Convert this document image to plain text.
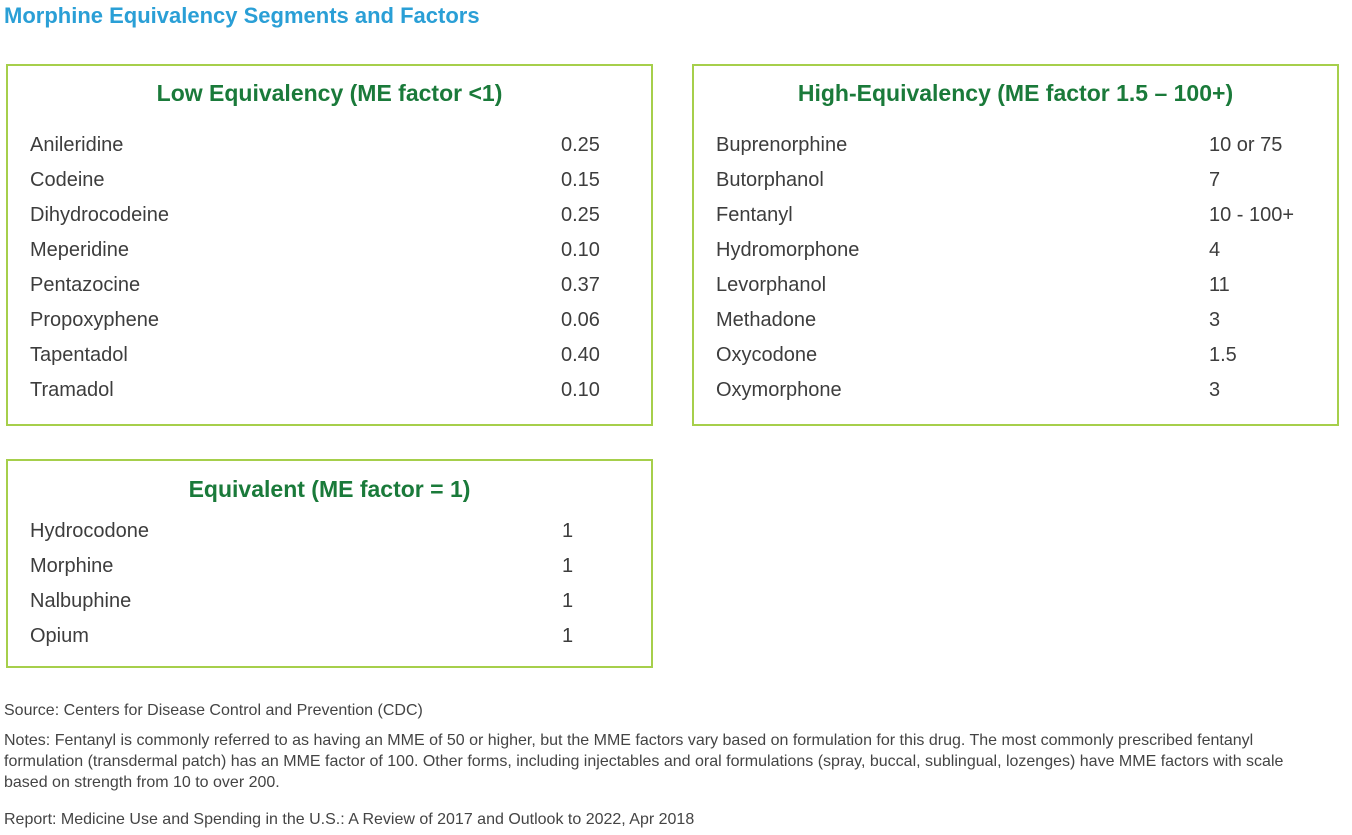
Morphine Equivalency Segments and Factors
Low Equivalency (ME factor <1)
Anileridine	0.25
Codeine	0.15
Dihydrocodeine	0.25
Meperidine	0.10
Pentazocine	0.37
Propoxyphene	0.06
Tapentadol	0.40
Tramadol	0.10
High-Equivalency (ME factor 1.5 – 100+)
Buprenorphine	10 or 75
Butorphanol	7
Fentanyl	10 - 100+
Hydromorphone	4
Levorphanol	11
Methadone	3
Oxycodone	1.5
Oxymorphone	3
Equivalent (ME factor = 1)
Hydrocodone	1
Morphine	1
Nalbuphine	1
Opium	1
Source: Centers for Disease Control and Prevention (CDC)
Notes: Fentanyl is commonly referred to as having an MME of 50 or higher, but the MME factors vary based on formulation for this drug. The most commonly prescribed fentanyl formulation (transdermal patch) has an MME factor of 100. Other forms, including injectables and oral formulations (spray, buccal, sublingual, lozenges) have MME factors with scale based on strength from 10 to over 200.
Report: Medicine Use and Spending in the U.S.: A Review of 2017 and Outlook to 2022, Apr 2018
